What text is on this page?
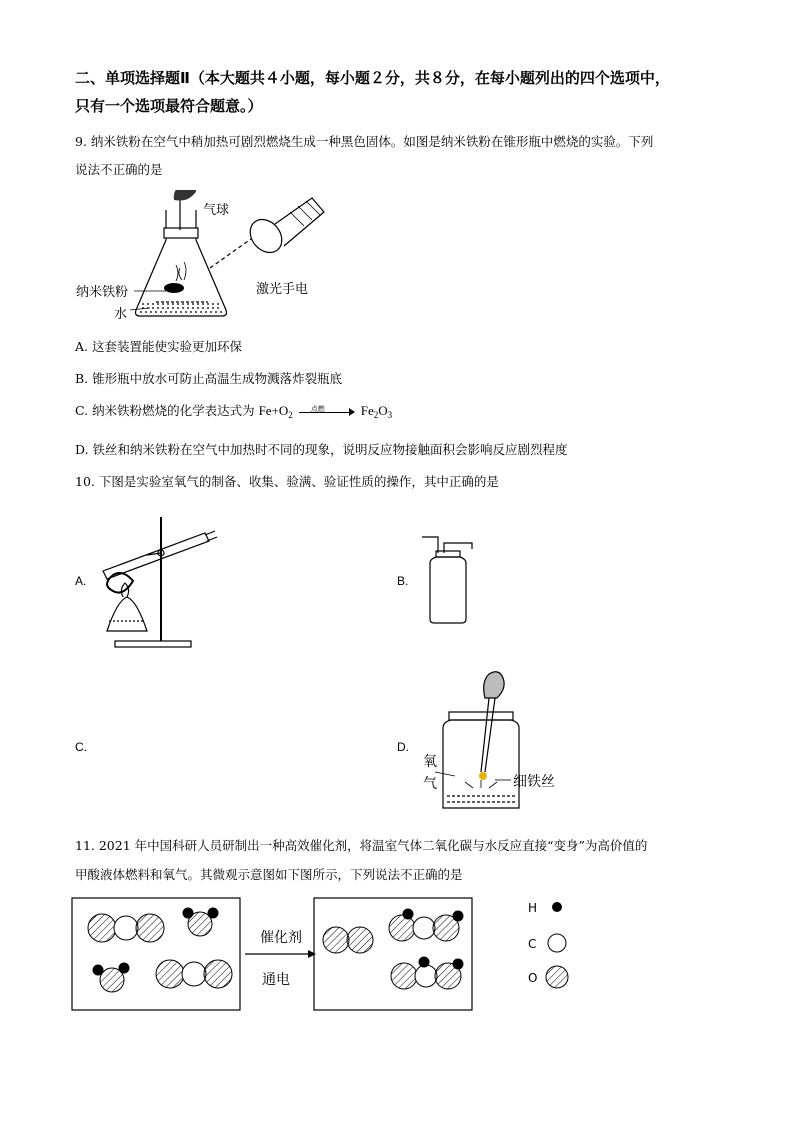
二、单项选择题Ⅱ（本大题共４小题，每小题２分，共８分，在每小题列出的四个选项中，
只有一个选项最符合题意。）
9. 纳米铁粉在空气中稍加热可剧烈燃烧生成一种黑色固体。如图是纳米铁粉在锥形瓶中燃烧的实验。下列
说法不正确的是
气球
激光手电
纳米铁粉
水
A. 这套装置能使实验更加环保
B. 锥形瓶中放水可防止高温生成物溅落炸裂瓶底
C. 纳米铁粉燃烧的化学表达式为 $Fe+O_2$
点燃	$Fe_2O_3$
D. 铁丝和纳米铁粉在空气中加热时不同的现象，说明反应物接触面积会影响反应剧烈程度
10. 下图是实验室氧气的制备、收集、验满、验证性质的操作，其中正确的是
A.	B.
C.	D.
氧
气	细铁丝
11. 2021 年中国科研人员研制出一种高效催化剂，将温室气体二氧化碳与水反应直接“变身”为高价值的
甲酸液体燃料和氧气。其微观示意图如下图所示，下列说法不正确的是
催化剂
通电
H
C
O
